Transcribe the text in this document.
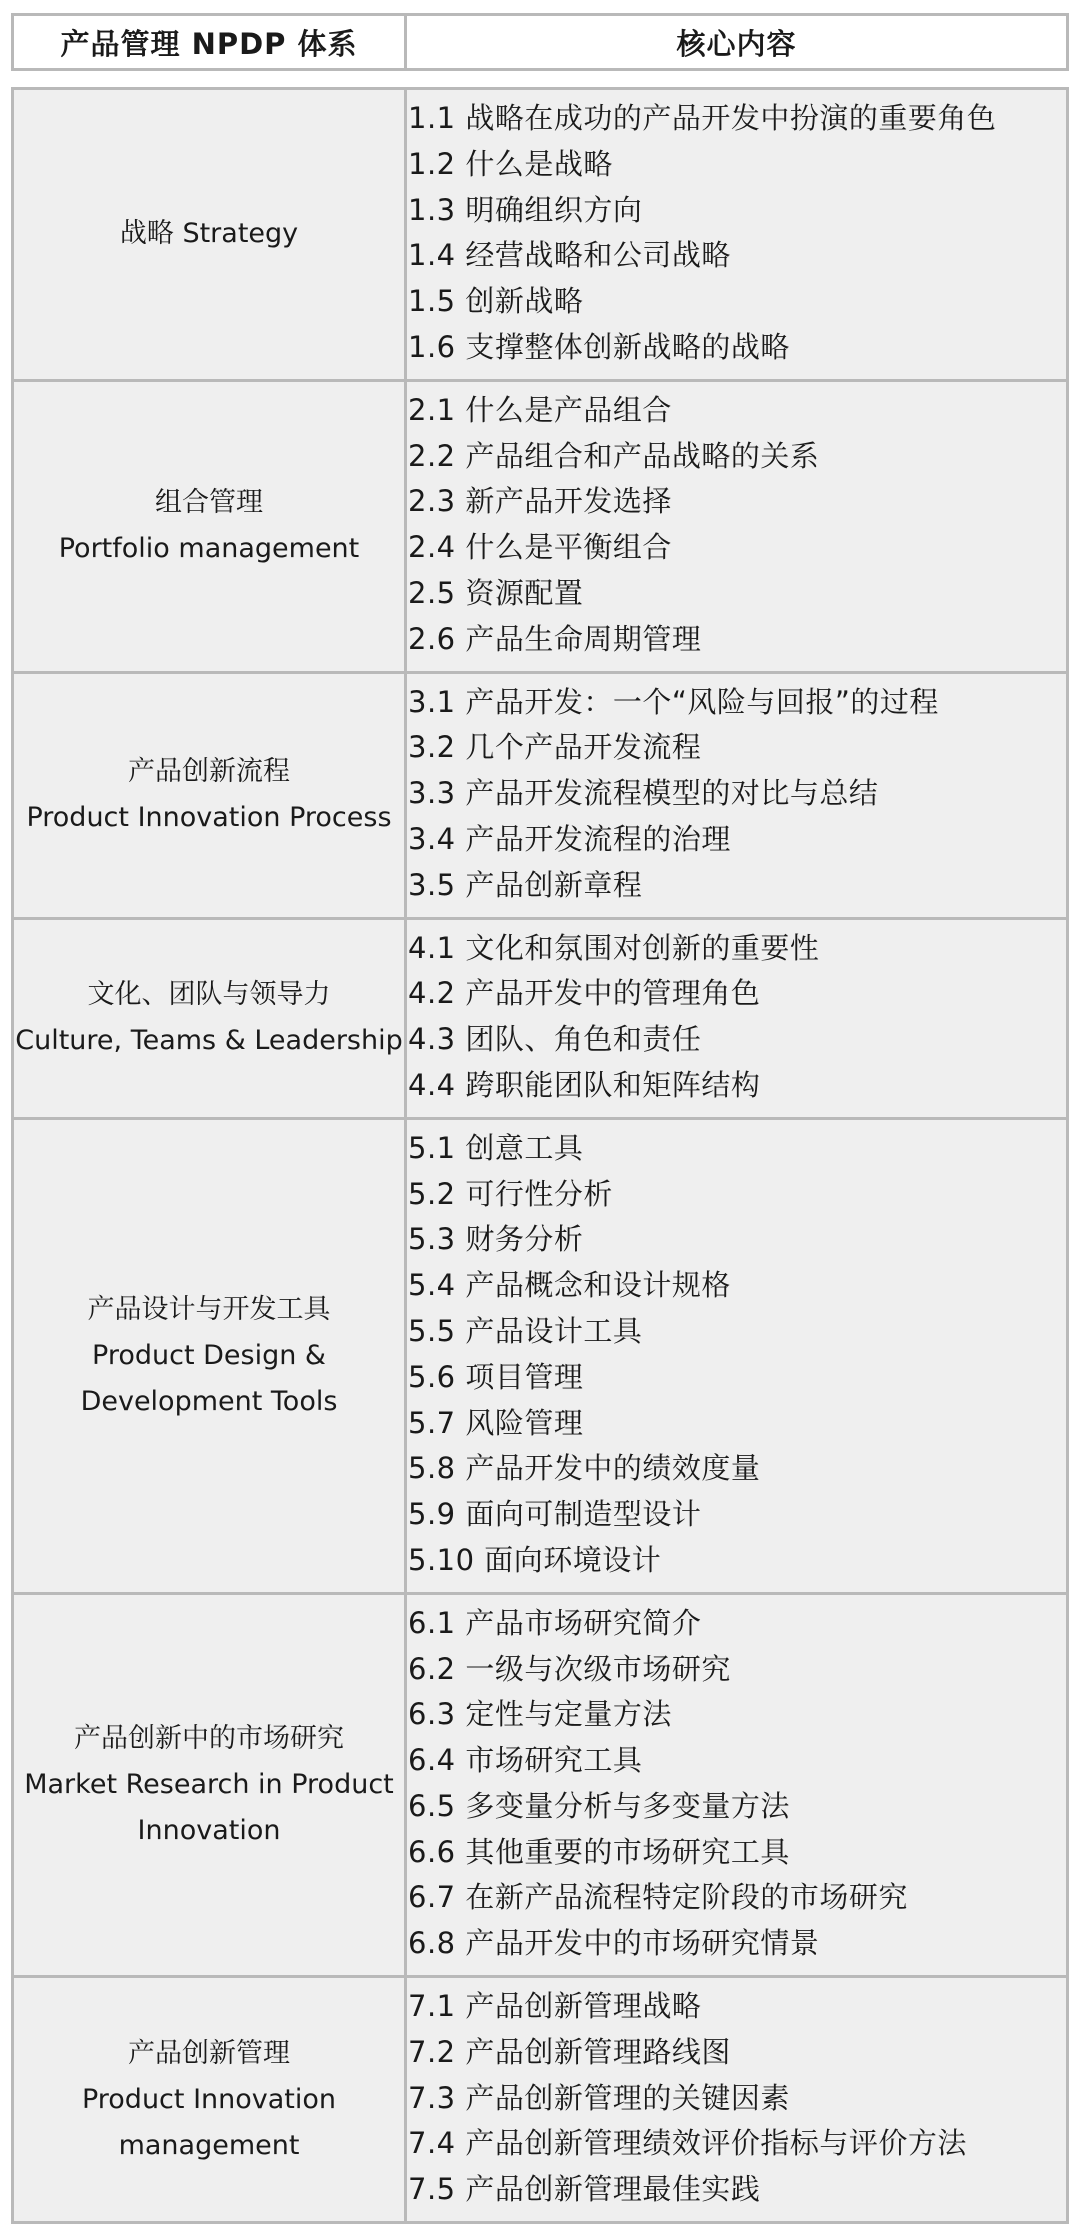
产品管理 NPDP 体系	核心内容
战略 Strategy
1.1 战略在成功的产品开发中扮演的重要角色
1.2 什么是战略
1.3 明确组织方向
1.4 经营战略和公司战略
1.5 创新战略
1.6 支撑整体创新战略的战略
组合管理
Portfolio management
2.1 什么是产品组合
2.2 产品组合和产品战略的关系
2.3 新产品开发选择
2.4 什么是平衡组合
2.5 资源配置
2.6 产品生命周期管理
产品创新流程
Product Innovation Process
3.1 产品开发：一个“风险与回报”的过程
3.2 几个产品开发流程
3.3 产品开发流程模型的对比与总结
3.4 产品开发流程的治理
3.5 产品创新章程
文化、团队与领导力
Culture, Teams & Leadership
4.1 文化和氛围对创新的重要性
4.2 产品开发中的管理角色
4.3 团队、角色和责任
4.4 跨职能团队和矩阵结构
产品设计与开发工具
Product Design &
Development Tools
5.1 创意工具
5.2 可行性分析
5.3 财务分析
5.4 产品概念和设计规格
5.5 产品设计工具
5.6 项目管理
5.7 风险管理
5.8 产品开发中的绩效度量
5.9 面向可制造型设计
5.10 面向环境设计
产品创新中的市场研究
Market Research in Product
Innovation
6.1 产品市场研究简介
6.2 一级与次级市场研究
6.3 定性与定量方法
6.4 市场研究工具
6.5 多变量分析与多变量方法
6.6 其他重要的市场研究工具
6.7 在新产品流程特定阶段的市场研究
6.8 产品开发中的市场研究情景
产品创新管理
Product Innovation
management
7.1 产品创新管理战略
7.2 产品创新管理路线图
7.3 产品创新管理的关键因素
7.4 产品创新管理绩效评价指标与评价方法
7.5 产品创新管理最佳实践
